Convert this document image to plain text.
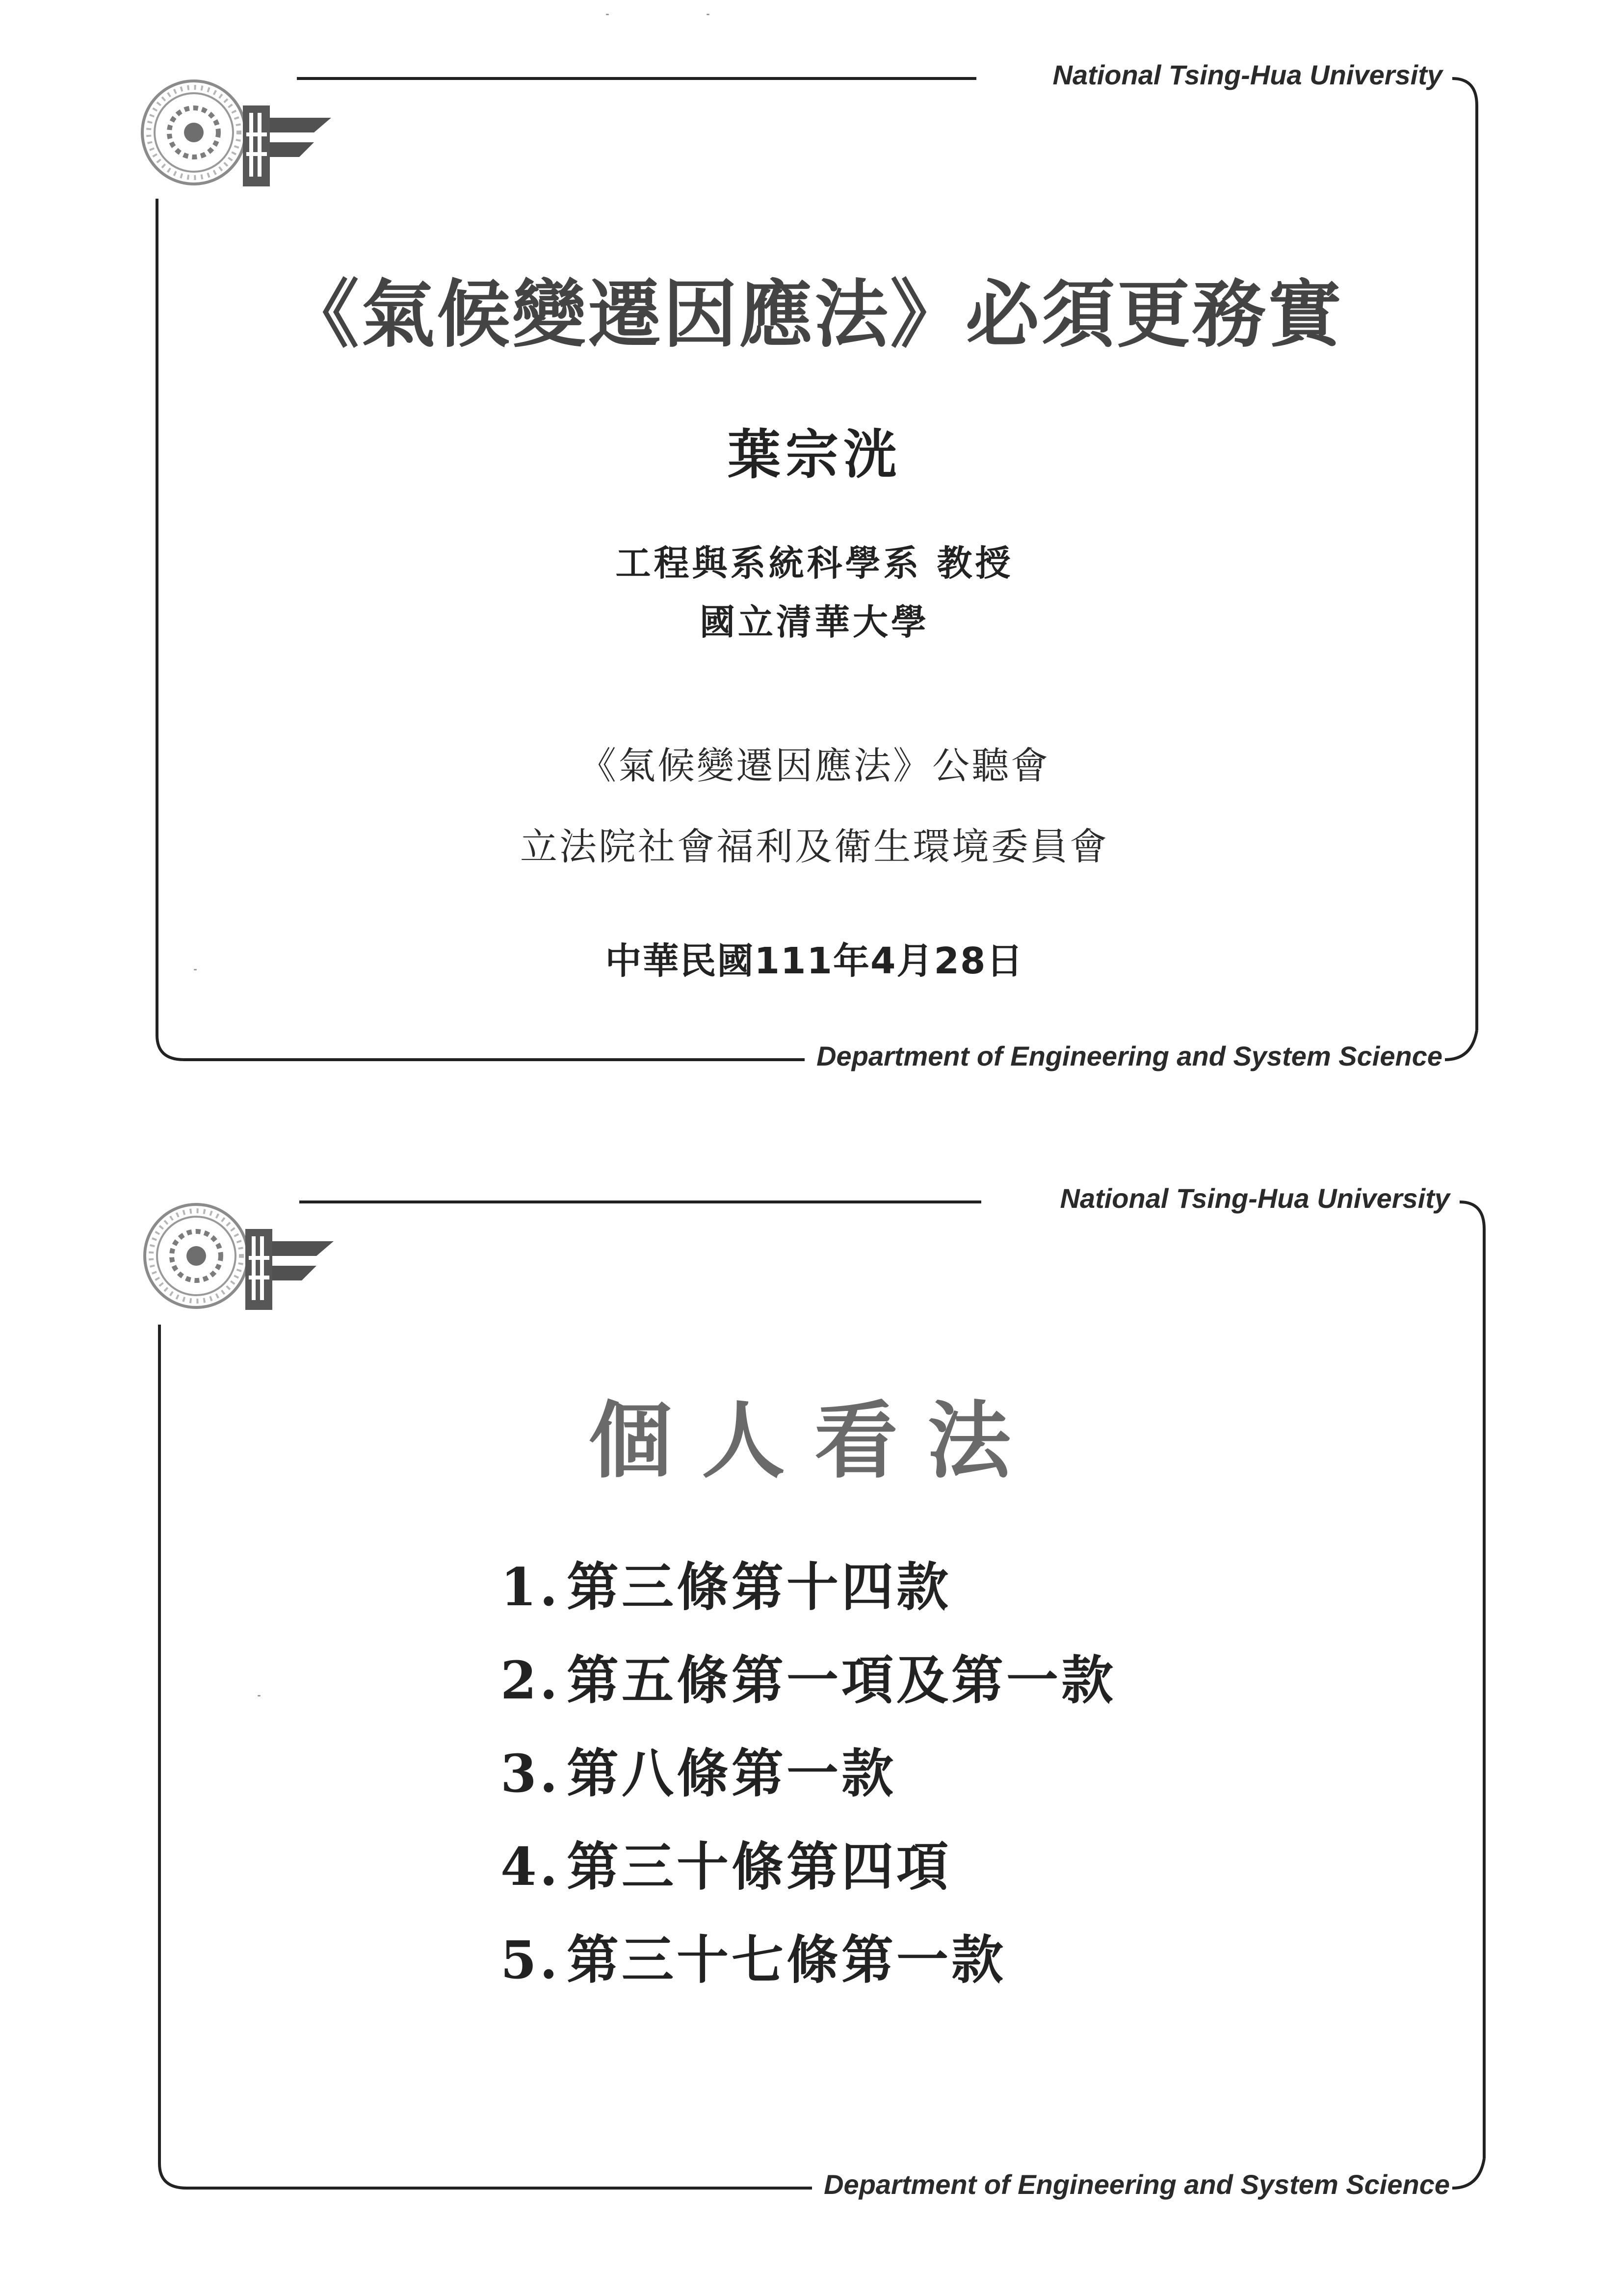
National Tsing-Hua University
Department of Engineering and System Science
《氣候變遷因應法》必須更務實
葉宗洸
工程與系統科學系 教授
國立清華大學
《氣候變遷因應法》公聽會
立法院社會福利及衛生環境委員會
中華民國111年4月28日
National Tsing-Hua University
Department of Engineering and System Science
個人看法
1. 第三條第十四款
2. 第五條第一項及第一款
3. 第八條第一款
4. 第三十條第四項
5. 第三十七條第一款
